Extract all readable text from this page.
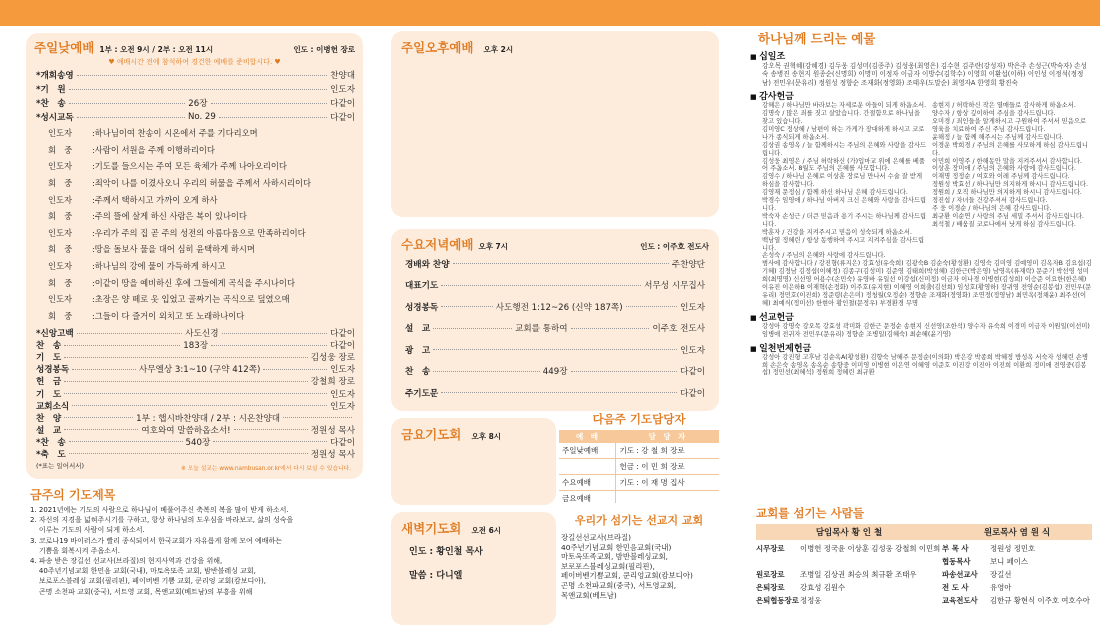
주일낮예배 1부 : 오전 9시 / 2부 : 오전 11시	인도 : 이병헌 장로
♥ 예배시간 전에 참석하여 경건한 예배를 준비합시다. ♥
*개회송영	찬양대
*기　원	인도자
*찬　송	26장	다같이
*성시교독	No. 29	다같이
인도자	: 하나님이여 찬송이 시온에서 주를 기다리오며
회　중	: 사람이 서원을 주께 이행하리이다
인도자	: 기도를 들으시는 주여 모든 육체가 주께 나아오리이다
회　중	: 죄악이 나를 이겼사오니 우리의 허물을 주께서 사하시리이다
인도자	: 주께서 택하시고 가까이 오게 하사
회　중	: 주의 뜰에 살게 하신 사람은 복이 있나이다
인도자	: 우리가 주의 집 곧 주의 성전의 아름다움으로 만족하리이다
회　중	: 땅을 돌보사 물을 대어 심히 윤택하게 하시며
인도자	: 하나님의 강에 물이 가득하게 하시고
회　중	: 이같이 땅을 예비하신 후에 그들에게 곡식을 주시나이다
인도자	: 초장은 양 떼로 옷 입었고 골짜기는 곡식으로 덮였으매
회　중	: 그들이 다 즐거이 외치고 또 노래하나이다
*신앙고백	사도신경	다같이
찬　송	183장	다같이
기　도	김성웅 장로
성경봉독	사무엘상 3:1~10 (구약 412쪽)	인도자
헌　금	강철희 장로
기　도	인도자
교회소식	인도자
찬　양	1부 : 햅시바찬양대 / 2부 : 시온찬양대
설　교	여호와여 말씀하옵소서!	정원성 목사
*찬　송	540장	다같이
*축　도	정원성 목사
(*표는 일어서서)	※ 오늘 설교는 www.nambusan.or.kr에서 다시 보실 수 있습니다.
금주의 기도제목
1. 2021년에는 기도의 사람으로 하나님이 베풀어주신 축복의 복을 많이 받게 하소서.
2. 자신의 지경을 넓혀주시기를 구하고, 항상 하나님의 도우심을 바라보고, 삶의 성숙을
이루는 기도의 사람이 되게 하소서.
3. 코로나19 바이러스가 빨리 종식되어서 한국교회가 자유롭게 함께 모여 예배하는
기쁨을 회복시켜 주옵소서.
4. 파송 받은 장길선 선교사(브라질)의 현지사역과 건강을 위해,
40주년기념교회 한민음 교회(국내), 마토옥또족 교회, 밤반블레싱 교회,
보로포스블레싱 교회(필리핀), 페이버벤 기쁨 교회, 쿤리엉 교회(캄보디아),
곤명 소천파 교회(중국), 서트영 교회, 목앤교회(베트남)의 부흥을 위해
주일오후예배 오후 2시
수요저녁예배 오후 7시	인도 : 이주호 전도사
경배와 찬양	주찬양단
대표기도	서무성 시무집사
성경봉독	사도행전 1:12~26 (신약 187쪽)	인도자
설　교	교회를 통하여	이주호 전도사
광　고	인도자
찬　송	449장	다같이
주기도문	다같이
금요기도회 오후 8시
새벽기도회 오전 6시
인도 : 황인철 목사
말씀 : 다니엘
다음주 기도담당자
예　배	담　당　자
주일낮예배	기도 : 강 철 희 장로
	헌금 : 이 민 희 장로
수요예배	기도 : 이 재 명 집사
금요예배	
우리가 섬기는 선교지 교회
장길선선교사(브라질)
40주년기념교회 한민음교회(국내)
마토옥또족교회, 밤반블레싱교회,
보로포스블레싱교회(필리핀),
페이버벤기쁨교회, 쿤리엉교회(캄보디아)
곤명 소천파교회(중국), 서트영교회,
목앤교회(베트남)
하나님께 드리는 예물
■ 십일조
강오목 권혁혜(강혜경) 김두웅 김성미(김종주) 김성웅(최영은) 김수현 김주란(강성자) 박은주 손성근(박숙자) 손성숙 송병진 송현지 원종순(신명희) 이명미 이정자 이금자 이방수(김학수) 이영희 이환섭(이하) 이인성 이정석(정정남) 전민우(문유리) 정원성 정향순 조재화(정영화) 조태우(도말순) 최영자A 한영희 황진숙
■ 감사헌금
강혜은 / 하나님만 바라보는 자세로운 아들이 되게 하옵소서.
김명숙 / 많은 죄를 짓고 살았습니다. 간절함으로 하나님을 찾고 있습니다.
김미영C 정상혜 / 남편이 하는 가게가 장대하게 하시고 코로나가 종식되게 하옵소서.
김상권 송영옥 / 늘 함께하시는 주님의 은혜와 사랑을 감사드립니다.
김성웅 최영은 / 주님 허락하신 (가)입마교 위에 은혜를 베풀어 주옵소서. 8월도 주님의 은혜를 사모합니다.
김영수 / 하나님 은혜로 이상훈 장로님 만나서 수술 잘 받게 하심을 감사합니다.
김영재 문정심 / 함께 하신 하나님 은혜 감사드립니다.
박경수 임영애 / 하나님 아버지 크신 은혜와 사랑을 감사드립니다.
박숙자 손성근 / 더큰 믿음과 용기 주시는 하나님께 감사드립니다.
박훈자 / 건강을 지켜주시고 믿음이 성숙되게 하옵소서.
백남열 정혜린 / 항상 동행하여 주시고 지켜주심을 감사드립니다.
손성숙 / 주님의 은혜와 사랑에 감사드립니다.
송현지 / 허락하신 작은 열매들로 감사하게 하옵소서.
양수자 / 항상 깊이하여 주심을 감사드립니다.
오미경 / 죄인들을 알게하시고 구원하여 주셔서 믿음으로 영육을 치료하여 주신 주님 감사드립니다.
윤해정 / 늘 함께 해주시는 주님께 감사드립니다.
이경운 박희경 / 주님의 은혜를 사모하게 하심 감사드립니다.
이민희 이영주 / 한해동안 말을 지켜주셔서 감사합니다.
이상훈 장미애 / 주님의 은혜와 사랑에 감사드립니다.
이재명 정정순 / 여호와 이레 주님께 감사드립니다.
정원성 박효선 / 하나님만 의지하게 하시니 감사드립니다.
정원희 / 오직 하나님만 의지하게 하시니 감사드립니다.
정진섭 / 자녀들 건강주셔서 감사드립니다.
주 웅 이경순 / 하나님의 은혜 감사드립니다.
최규환 이순연 / 사랑의 주님 세밀 주셔서 감사드립니다.
최석철 / 배움질 코로나에서 낫게 하심 감사드립니다.
범사에 감사합니다 / 강진형(류지은) 강효성(유숙희) 김광숙B 김순숙(황성환) 김영숙 김미영 김예영미 김옥자B 김요섭(김기혜) 김정남 김정섭(이혜정) 김종구(김성미) 김준영 김태희(박성혜) 김한근(박은영) 남영옥(류재락) 문준기 박선영 성미희(최명명) 신선영 어용수(손민숙) 유영바 유일선 이강섭(신미정) 이금자 이나경 이병현(김성희) 이승준 이요한(한은혜) 이유진 이은하B 이재혁(손정화) 이주호(유지현) 이혜영 이희출(김선희) 임성호(황영하) 장귀영 전영순(김봉섭) 전민우(문유리) 정민호(이진희) 정준령(손은미) 정청월(오정순) 정향순 조재화(정영화) 조연정(정영남) 최민옥(정채윤) 최주선(이혜) 최예식(정미선) 한현아 황인철(문정우) 부경환경 무명
■ 선교헌금
강성아 강명숙 강오목 강효성 곽미화 김한근 문정순 송현지 신선영(조한석) 양수자 유숙희 이경미 이금자 이원일(이선미) 임병애 전귀자 전민우(문유리) 정향순 조병일(김혜숙) 최순혜(윤기영)
■ 일천번제헌금
강성아 강진형 고후남 김순옥A(황성환) 김향숙 남혜주 문정순(이의화) 박은강 박종희 박혜정 방성옥 서숙자 성혜린 손병희 손은숙 송영옥 송옥순 송향중 이미영 이병현 이은연 이혜영 이준호 이진강 이진아 이진희 이환희 정미애 전영중(김봉섭) 정민선(최혜석) 정원희 정혜린 최규환
교회를 섬기는 사람들
담임목사 황 인 철	원로목사 염 원 식
시무장로	이병헌 정국윤 이상훈 김성웅 강철희 이민희 부 목 사	정원성 정민호
협동목사	보니 페이스
원로장로	조병일 김상권 최승의 최규환 조태우	파송선교사	장길선
은퇴장로	강효성 김원수	전 도 사	유영아
은퇴협동장로 정정웅	교육전도사	김한규 황현식 이주호 여호수아
